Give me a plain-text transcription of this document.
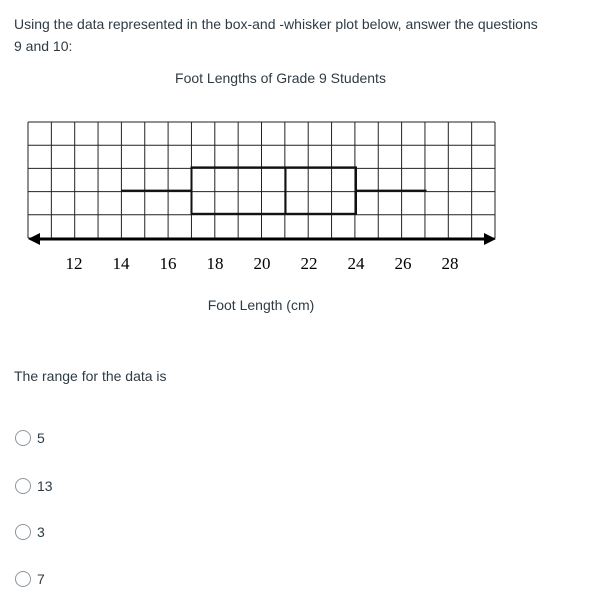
Using the data represented in the box-and -whisker plot below, answer the questions
9 and 10:
Foot Lengths of Grade 9 Students
12 14 16 18 20 22 24 26 28
Foot Length (cm)
The range for the data is
5
13
3
7
